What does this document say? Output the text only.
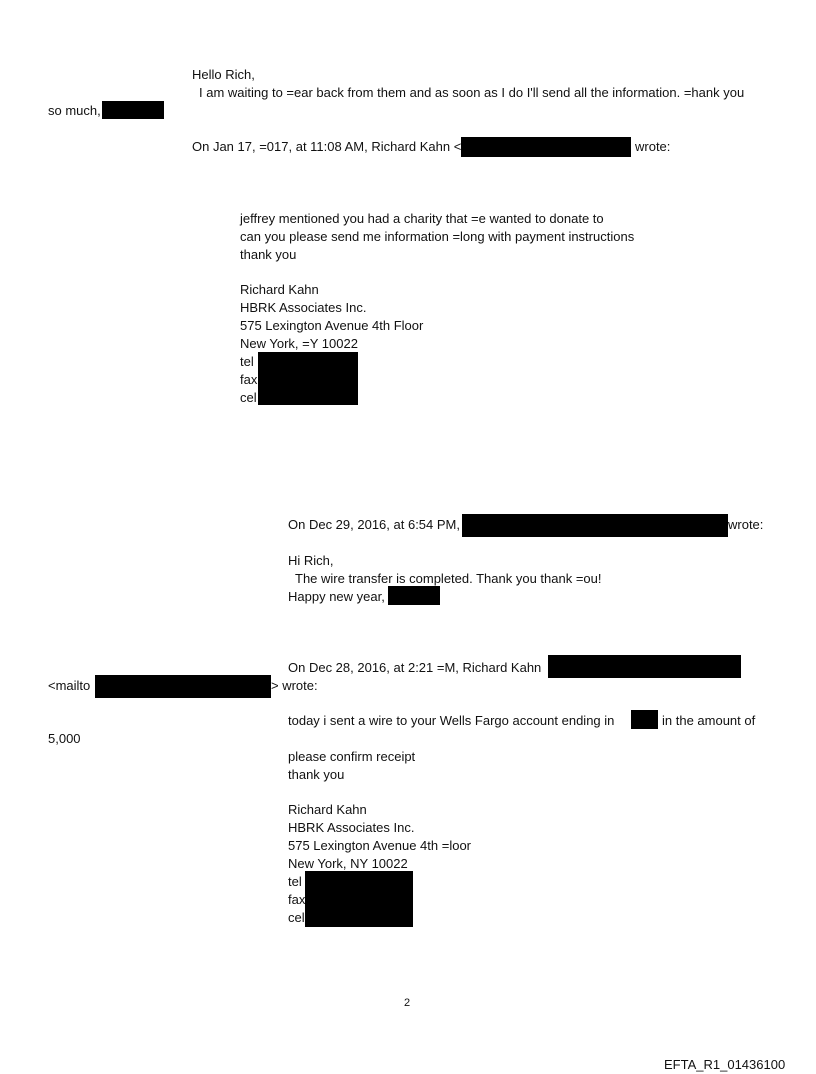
Hello Rich,
I am waiting to =ear back from them and as soon as I do I'll send all the information. =hank you
so much,
On Jan 17, =017, at 11:08 AM, Richard Kahn <	wrote:
jeffrey mentioned you had a charity that =e wanted to donate to
can you please send me information =long with payment instructions
thank you
Richard Kahn
HBRK Associates Inc.
575 Lexington Avenue 4th Floor
New York, =Y 10022
tel
fax
cel
On Dec 29, 2016, at 6:54 PM,	wrote:
Hi Rich,
The wire transfer is completed. Thank you thank =ou!
Happy new year,
On Dec 28, 2016, at 2:21 =M, Richard Kahn
<mailto	> wrote:
today i sent a wire to your Wells Fargo account ending in	in the amount of
5,000
please confirm receipt
thank you
Richard Kahn
HBRK Associates Inc.
575 Lexington Avenue 4th =loor
New York, NY 10022
tel
fax
cel
2
EFTA_R1_01436100
